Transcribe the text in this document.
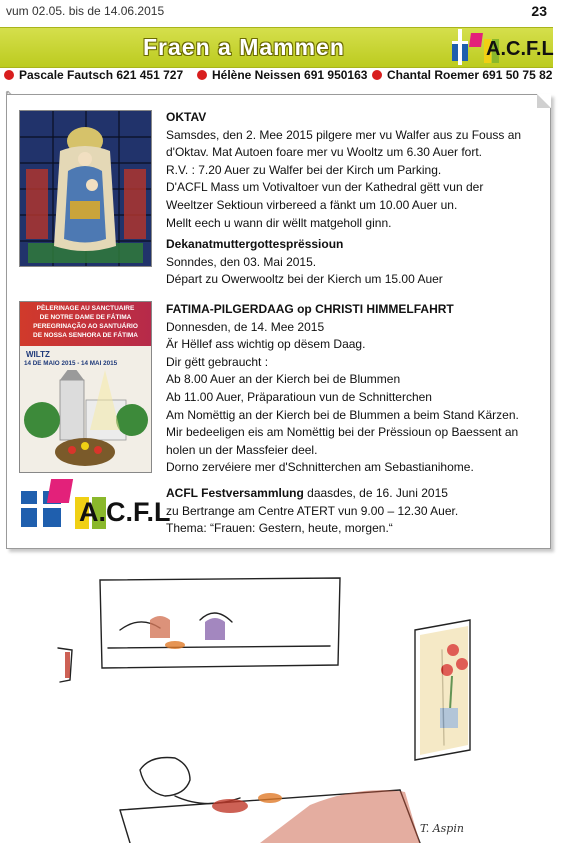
vum 02.05. bis de 14.06.2015	23
Fraen a Mammen	A.C.F.L
Pascale Fautsch 621 451 727	Hélène Neissen 691 950163	Chantal Roemer 691 50 75 82
OKTAV
Samsdes, den 2. Mee 2015 pilgere mer vu Walfer aus zu Fouss an
d'Oktav. Mat Autoen foare mer vu Wooltz um 6.30 Auer fort.
R.V. : 7.20 Auer zu Walfer bei der Kirch um Parking.
D'ACFL Mass um Votivaltoer vun der Kathedral gëtt vun der
Weeltzer Sektioun virbereed a fänkt um 10.00 Auer un.
Mellt eech u wann dir wëllt matgeholl ginn.
Dekanatmuttergottesprëssioun
Sonndes, den 03. Mai 2015.
Départ zu Owerwooltz bei der Kierch um 15.00 Auer
PÈLERINAGE AU SANCTUAIRE
DE NOTRE DAME DE FÁTIMA
PEREGRINAÇÃO AO SANTUÁRIO
DE NOSSA SENHORA DE FÁTIMA
WILTZ
14 DE MAIO 2015 - 14 MAI 2015
FATIMA-PILGERDAAG op CHRISTI HIMMELFAHRT
Donnesden, de 14. Mee 2015
Är Hëllef ass wichtig op dësem Daag.
Dir gëtt gebraucht :
Ab 8.00 Auer an der Kierch bei de Blummen
Ab 11.00 Auer, Präparatioun vun de Schnitterchen
Am Nomëttig an der Kierch bei de Blummen a beim Stand Kärzen.
Mir bedeeligen eis am Nomëttig bei der Prëssioun op Baessent an
holen un der Massfeier deel.
Dorno zervéiere mer d'Schnitterchen am Sebastianihome.
A.C.F.L
ACFL Festversammlung daasdes, de 16. Juni 2015
zu Bertrange am Centre ATERT vun 9.00 – 12.30 Auer.
Thema: “Frauen: Gestern, heute, morgen.“
T. Aspin
